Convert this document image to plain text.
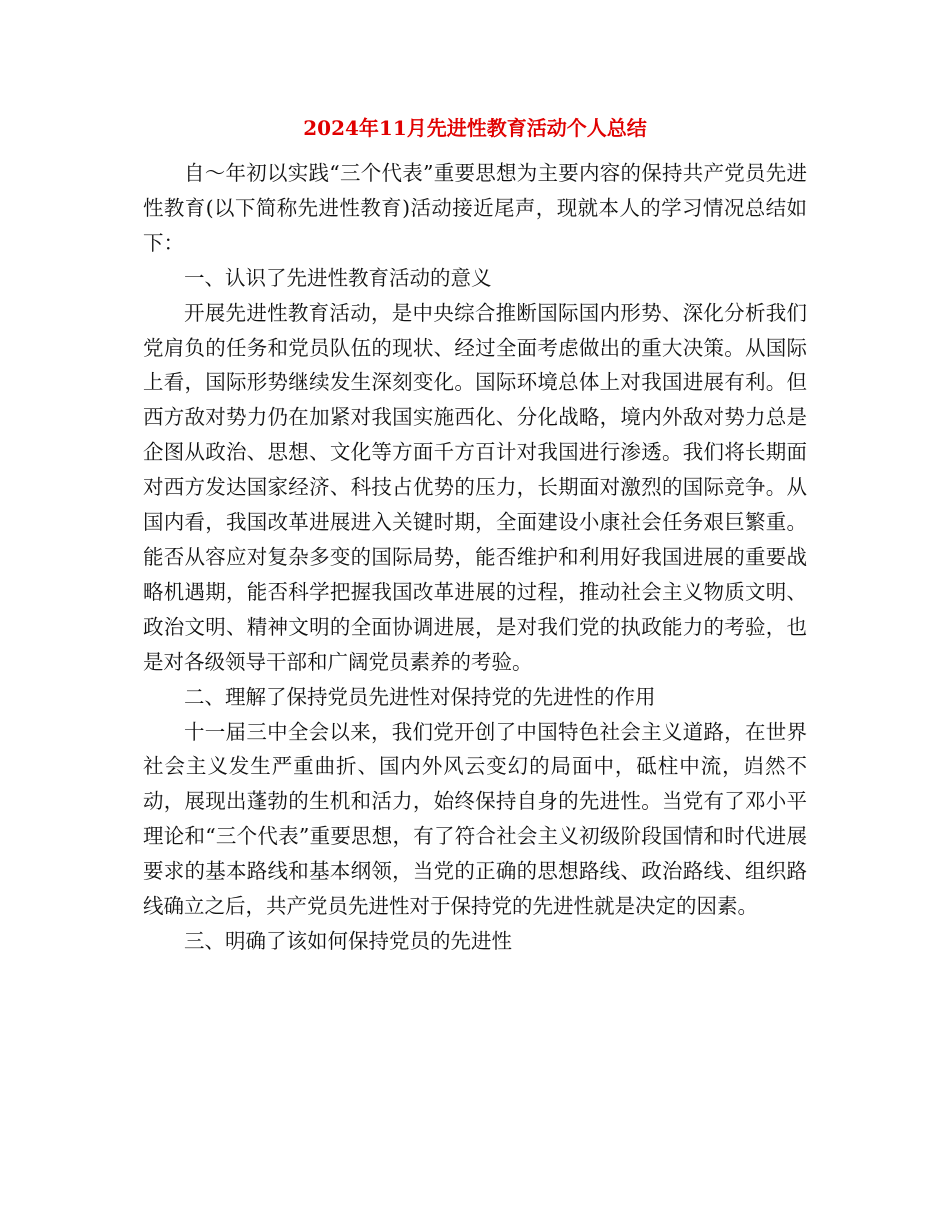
2024年11月先进性教育活动个人总结

自～年初以实践“三个代表”重要思想为主要内容的保持共产党员先进性教育(以下简称先进性教育)活动接近尾声，现就本人的学习情况总结如下：

一、认识了先进性教育活动的意义

开展先进性教育活动，是中央综合推断国际国内形势、深化分析我们党肩负的任务和党员队伍的现状、经过全面考虑做出的重大决策。从国际上看，国际形势继续发生深刻变化。国际环境总体上对我国进展有利。但西方敌对势力仍在加紧对我国实施西化、分化战略，境内外敌对势力总是企图从政治、思想、文化等方面千方百计对我国进行渗透。我们将长期面对西方发达国家经济、科技占优势的压力，长期面对激烈的国际竞争。从国内看，我国改革进展进入关键时期，全面建设小康社会任务艰巨繁重。能否从容应对复杂多变的国际局势，能否维护和利用好我国进展的重要战略机遇期，能否科学把握我国改革进展的过程，推动社会主义物质文明、政治文明、精神文明的全面协调进展，是对我们党的执政能力的考验，也是对各级领导干部和广阔党员素养的考验。

二、理解了保持党员先进性对保持党的先进性的作用

十一届三中全会以来，我们党开创了中国特色社会主义道路，在世界社会主义发生严重曲折、国内外风云变幻的局面中，砥柱中流，岿然不动，展现出蓬勃的生机和活力，始终保持自身的先进性。当党有了邓小平理论和“三个代表”重要思想，有了符合社会主义初级阶段国情和时代进展要求的基本路线和基本纲领，当党的正确的思想路线、政治路线、组织路线确立之后，共产党员先进性对于保持党的先进性就是决定的因素。

三、明确了该如何保持党员的先进性
